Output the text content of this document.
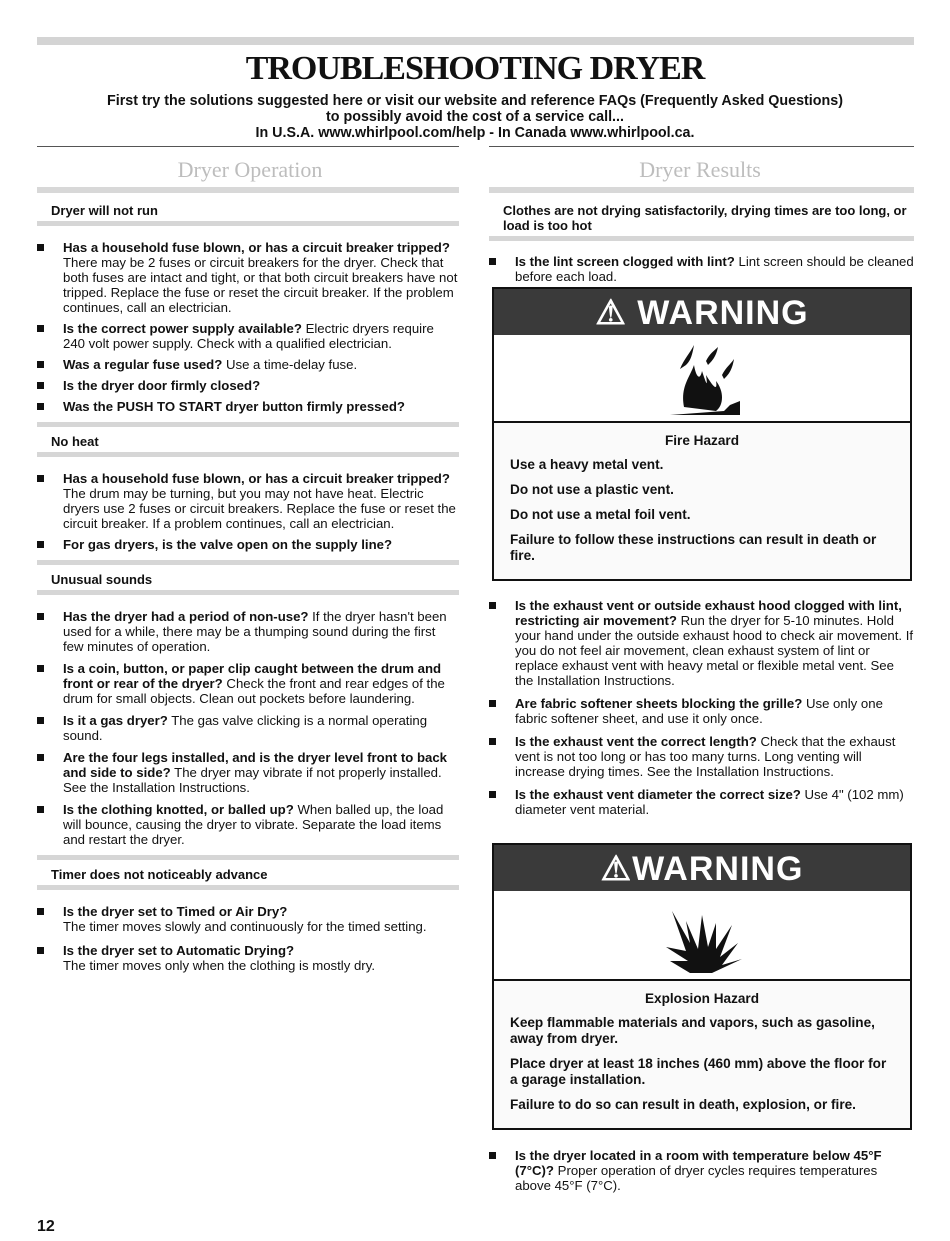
TROUBLESHOOTING DRYER
First try the solutions suggested here or visit our website and reference FAQs (Frequently Asked Questions)
to possibly avoid the cost of a service call...
In U.S.A. www.whirlpool.com/help - In Canada www.whirlpool.ca.
Dryer Operation	Dryer Results
Dryer will not run
Has a household fuse blown, or has a circuit breaker tripped? There may be 2 fuses or circuit breakers for the dryer. Check that both fuses are intact and tight, or that both circuit breakers have not tripped. Replace the fuse or reset the circuit breaker. If the problem continues, call an electrician.
Is the correct power supply available? Electric dryers require 240 volt power supply. Check with a qualified electrician.
Was a regular fuse used? Use a time-delay fuse.
Is the dryer door firmly closed?
Was the PUSH TO START dryer button firmly pressed?
No heat
Has a household fuse blown, or has a circuit breaker tripped? The drum may be turning, but you may not have heat. Electric dryers use 2 fuses or circuit breakers. Replace the fuse or reset the circuit breaker. If a problem continues, call an electrician.
For gas dryers, is the valve open on the supply line?
Unusual sounds
Has the dryer had a period of non-use? If the dryer hasn't been used for a while, there may be a thumping sound during the first few minutes of operation.
Is a coin, button, or paper clip caught between the drum and front or rear of the dryer? Check the front and rear edges of the drum for small objects. Clean out pockets before laundering.
Is it a gas dryer? The gas valve clicking is a normal operating sound.
Are the four legs installed, and is the dryer level front to back and side to side? The dryer may vibrate if not properly installed. See the Installation Instructions.
Is the clothing knotted, or balled up? When balled up, the load will bounce, causing the dryer to vibrate. Separate the load items and restart the dryer.
Timer does not noticeably advance
Is the dryer set to Timed or Air Dry?
The timer moves slowly and continuously for the timed setting.
Is the dryer set to Automatic Drying?
The timer moves only when the clothing is mostly dry.
Clothes are not drying satisfactorily, drying times are too long, or load is too hot
Is the lint screen clogged with lint? Lint screen should be cleaned before each load.
⚠ WARNING
Fire Hazard

Use a heavy metal vent.

Do not use a plastic vent.

Do not use a metal foil vent.

Failure to follow these instructions can result in death or fire.

Is the exhaust vent or outside exhaust hood clogged with lint, restricting air movement? Run the dryer for 5-10 minutes. Hold your hand under the outside exhaust hood to check air movement. If you do not feel air movement, clean exhaust system of lint or replace exhaust vent with heavy metal or flexible metal vent. See the Installation Instructions.
Are fabric softener sheets blocking the grille? Use only one fabric softener sheet, and use it only once.
Is the exhaust vent the correct length? Check that the exhaust vent is not too long or has too many turns. Long venting will increase drying times. See the Installation Instructions.
Is the exhaust vent diameter the correct size? Use 4" (102 mm) diameter vent material.
⚠WARNING
Explosion Hazard

Keep flammable materials and vapors, such as gasoline, away from dryer.

Place dryer at least 18 inches (460 mm) above the floor for a garage installation.

Failure to do so can result in death, explosion, or fire.

Is the dryer located in a room with temperature below 45°F (7°C)? Proper operation of dryer cycles requires temperatures above 45°F (7°C).
12
